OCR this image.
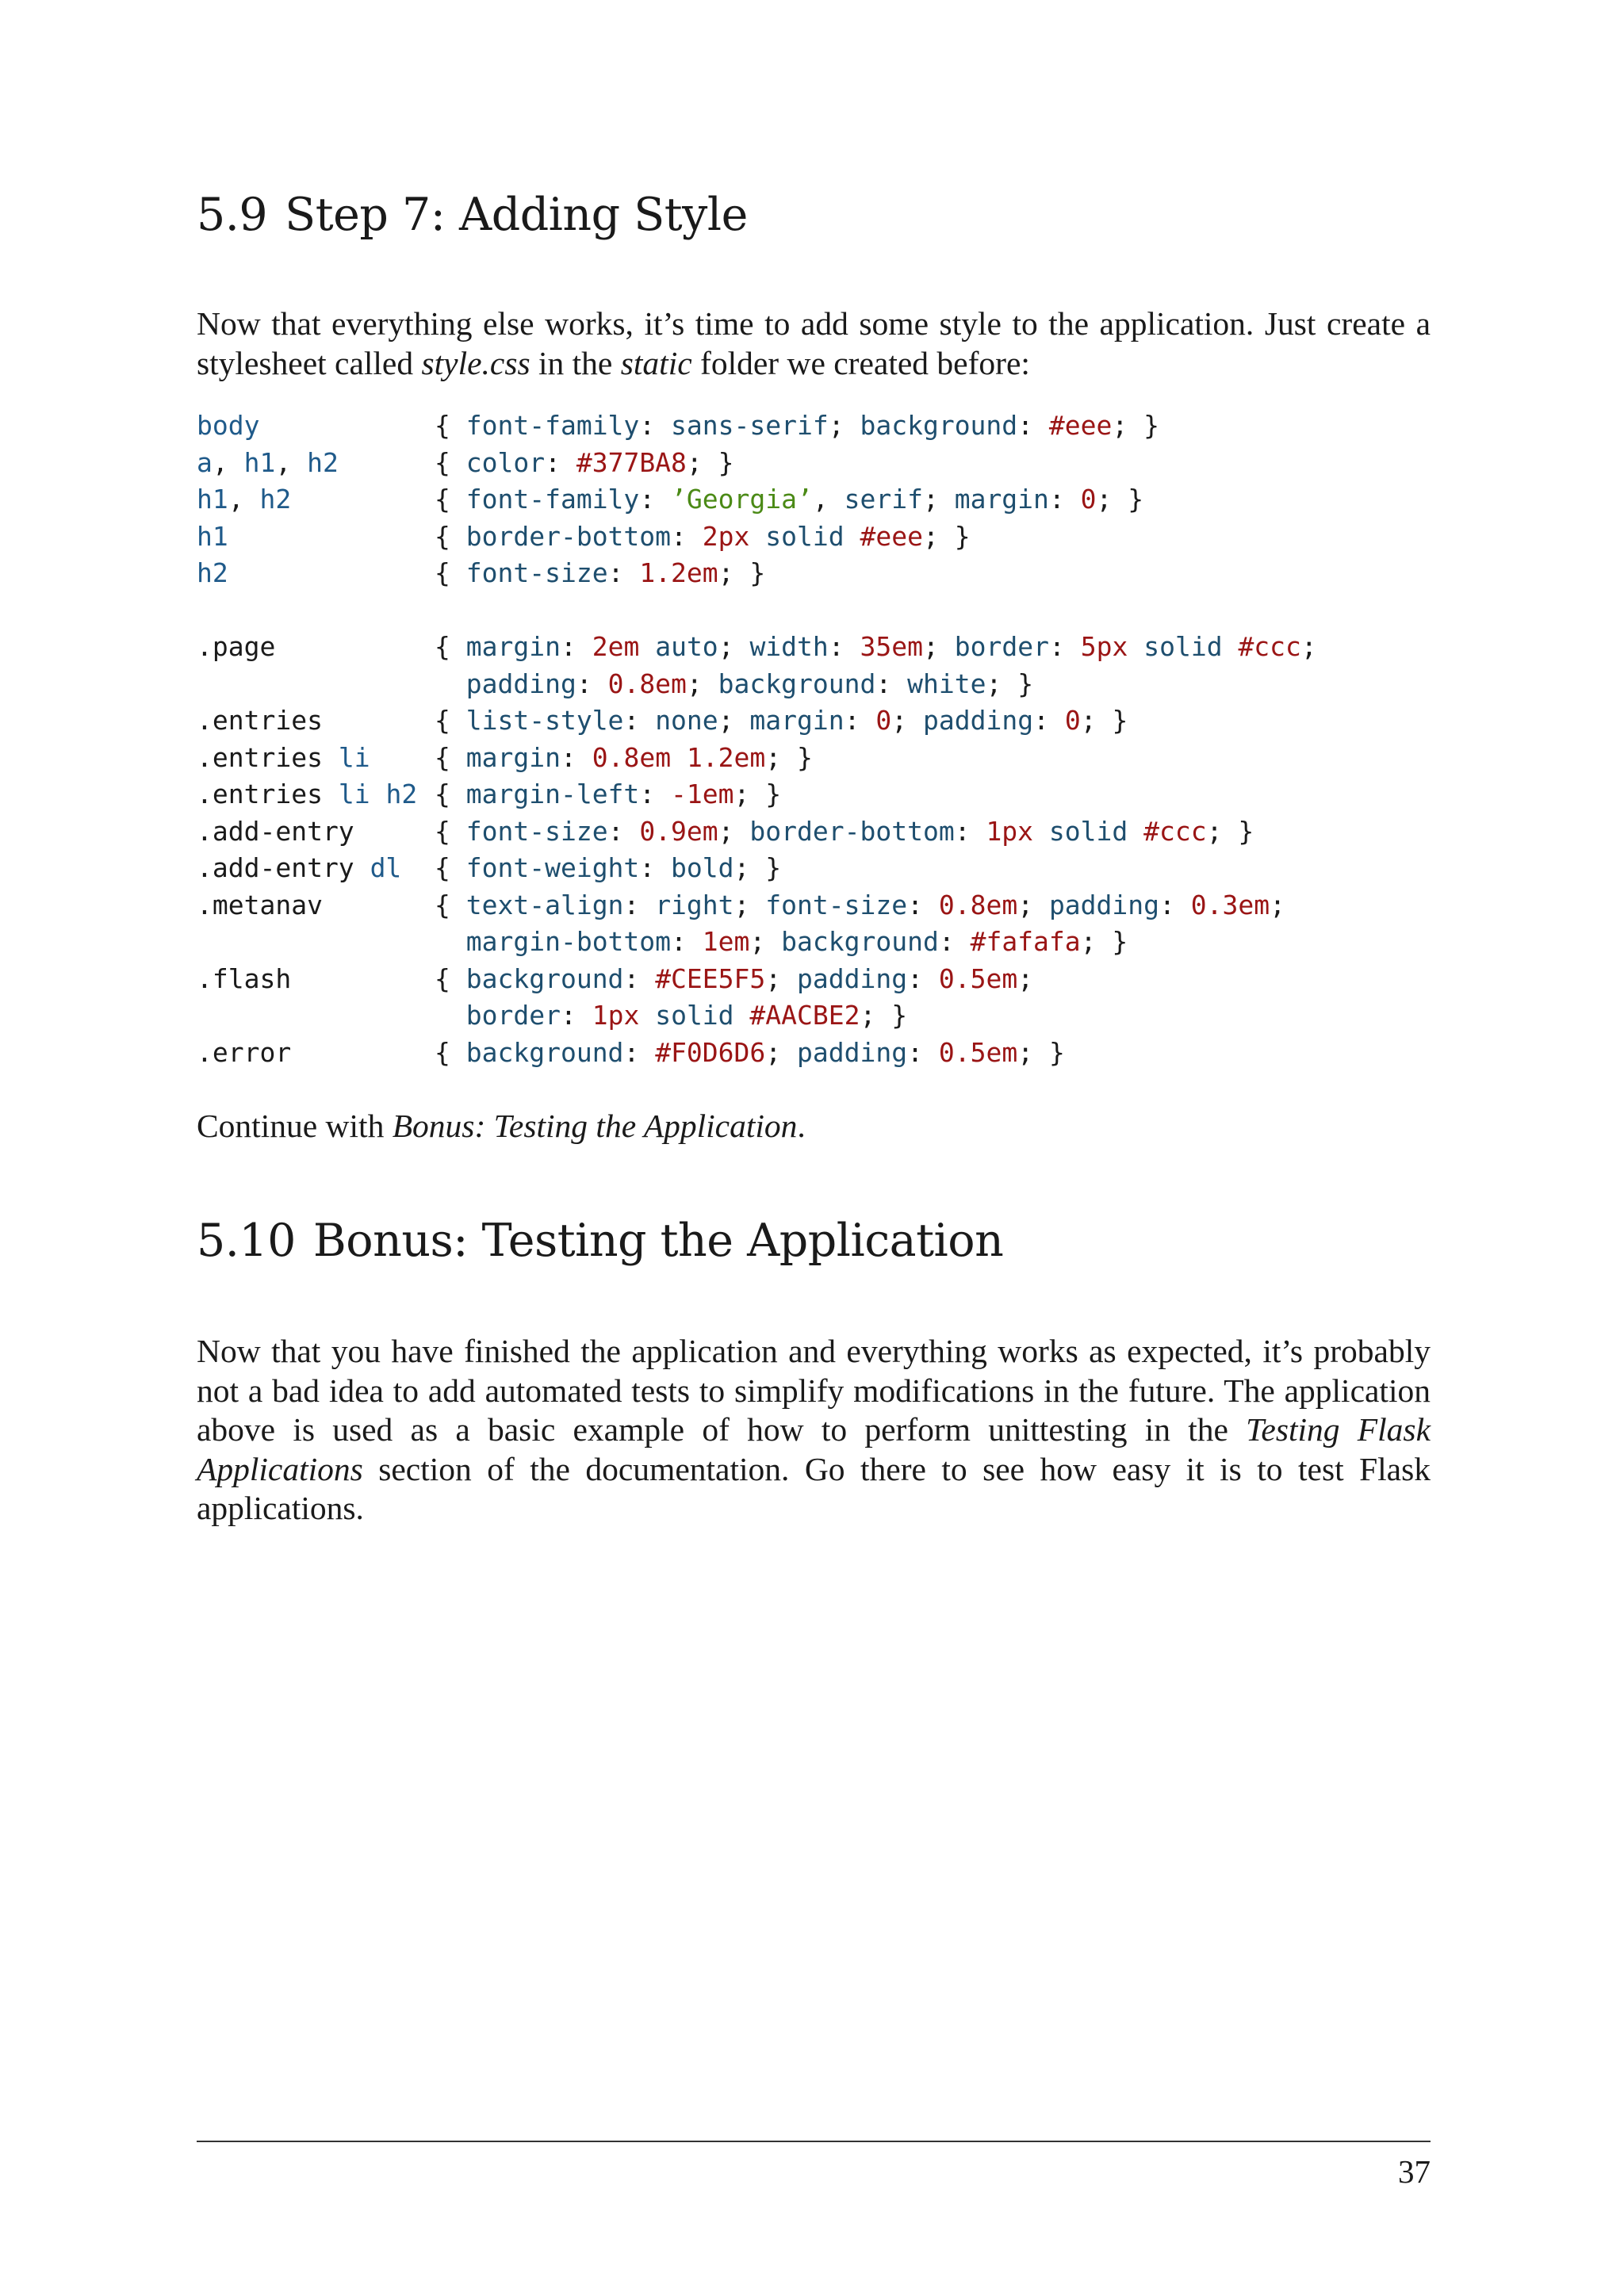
5.9 Step 7: Adding Style

Now that everything else works, it’s time to add some style to the application. Just create a stylesheet called style.css in the static folder we created before:

body	{ font-family: sans-serif; background: #eee; }
a, h1, h2	{ color: #377BA8; }
h1, h2	{ font-family: ’Georgia’, serif; margin: 0; }
h1	{ border-bottom: 2px solid #eee; }
h2	{ font-size: 1.2em; }
.page	{ margin: 2em auto; width: 35em; border: 5px solid #ccc;
padding: 0.8em; background: white; }
.entries	{ list-style: none; margin: 0; padding: 0; }
.entries li { margin: 0.8em 1.2em; }
.entries li h2 { margin-left: -1em; }
.add-entry	{ font-size: 0.9em; border-bottom: 1px solid #ccc; }
.add-entry dl { font-weight: bold; }
.metanav	{ text-align: right; font-size: 0.8em; padding: 0.3em;
margin-bottom: 1em; background: #fafafa; }
.flash	{ background: #CEE5F5; padding: 0.5em;
border: 1px solid #AACBE2; }
.error	{ background: #F0D6D6; padding: 0.5em; }

Continue with Bonus: Testing the Application.

5.10 Bonus: Testing the Application

Now that you have finished the application and everything works as expected, it’s probably not a bad idea to add automated tests to simplify modifications in the future. The application above is used as a basic example of how to perform unittesting in the Testing Flask Applications section of the documentation. Go there to see how easy it is to test Flask applications.

37
